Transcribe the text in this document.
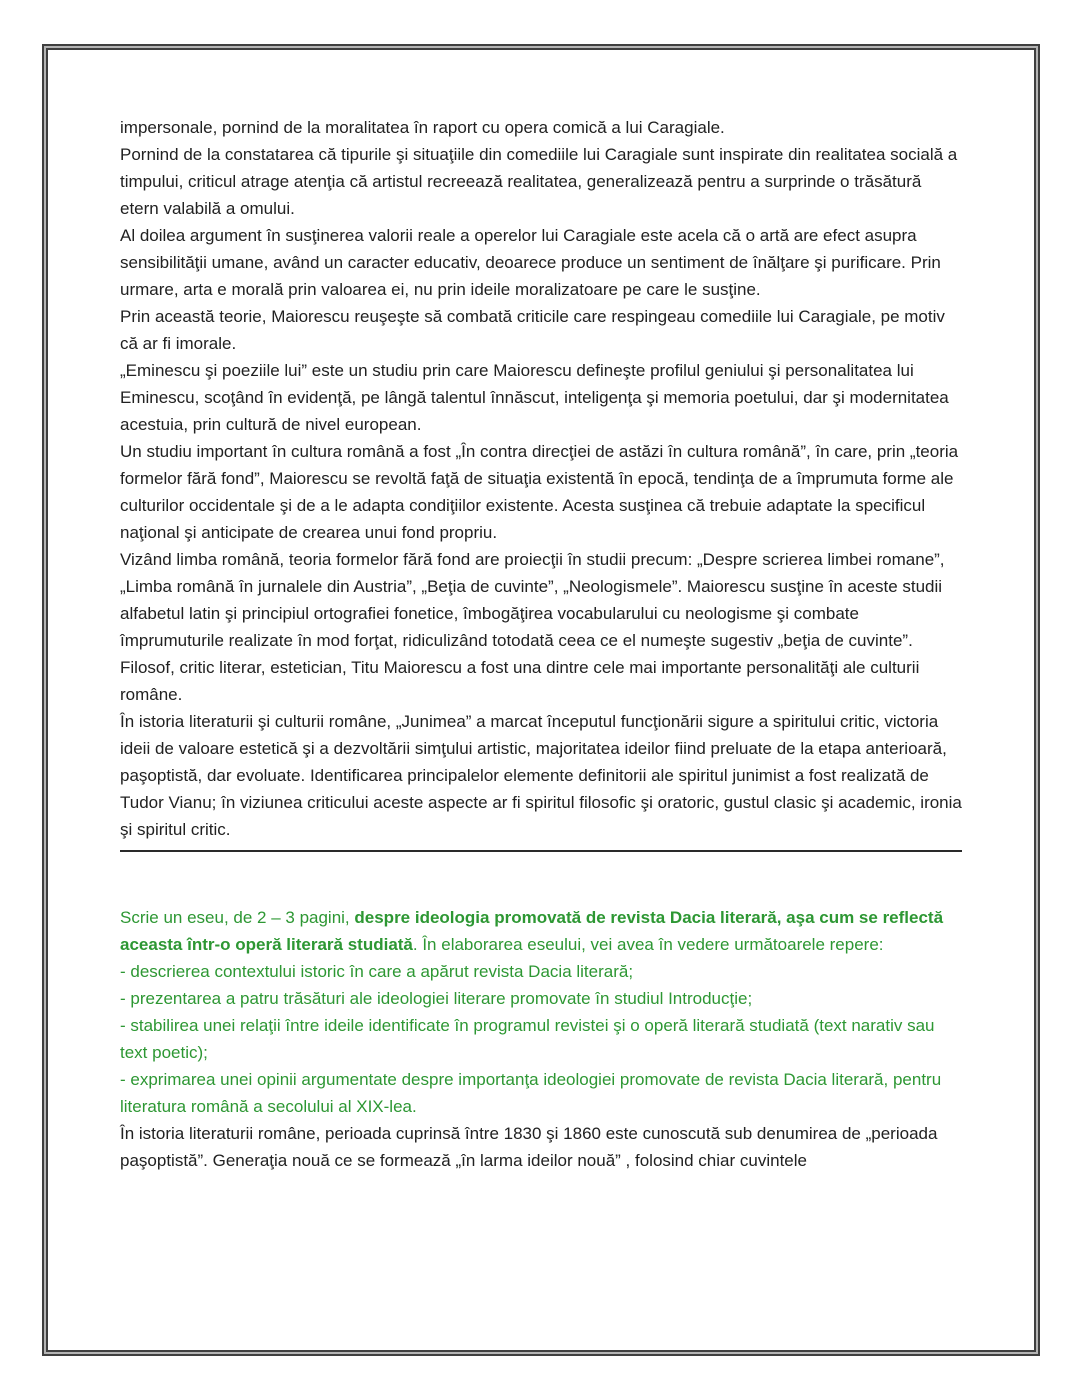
impersonale, pornind de la moralitatea în raport cu opera comică a lui Caragiale.

Pornind de la constatarea că tipurile şi situaţiile din comediile lui Caragiale sunt inspirate din realitatea socială a timpului, criticul atrage atenţia că artistul recreează realitatea, generalizează pentru a surprinde o trăsătură etern valabilă a omului.

Al doilea argument în susţinerea valorii reale a operelor lui Caragiale este acela că o artă are efect asupra sensibilităţii umane, având un caracter educativ, deoarece produce un sentiment de înălţare şi purificare. Prin urmare, arta e morală prin valoarea ei, nu prin ideile moralizatoare pe care le susţine.

Prin această teorie, Maiorescu reuşeşte să combată criticile care respingeau comediile lui Caragiale, pe motiv că ar fi imorale.

„Eminescu şi poeziile lui” este un studiu prin care Maiorescu defineşte profilul geniului şi personalitatea lui Eminescu, scoţând în evidenţă, pe lângă talentul înnăscut, inteligenţa şi memoria poetului, dar şi modernitatea acestuia, prin cultură de nivel european.

Un studiu important în cultura română a fost „În contra direcţiei de astăzi în cultura română”, în care, prin „teoria formelor fără fond”, Maiorescu se revoltă faţă de situaţia existentă în epocă, tendinţa de a împrumuta forme ale culturilor occidentale şi de a le adapta condiţiilor existente. Acesta susţinea că trebuie adaptate la specificul naţional şi anticipate de crearea unui fond propriu.

Vizând limba română, teoria formelor fără fond are proiecţii în studii precum: „Despre scrierea limbei romane”, „Limba română în jurnalele din Austria”, „Beţia de cuvinte”, „Neologismele”. Maiorescu susţine în aceste studii alfabetul latin şi principiul ortografiei fonetice, îmbogăţirea vocabularului cu neologisme şi combate împrumuturile realizate în mod forţat, ridiculizând totodată ceea ce el numeşte sugestiv „beţia de cuvinte”.

Filosof, critic literar, estetician, Titu Maiorescu a fost una dintre cele mai importante personalităţi ale culturii române.

În istoria literaturii şi culturii române, „Junimea” a marcat începutul funcţionării sigure a spiritului critic, victoria ideii de valoare estetică şi a dezvoltării simţului artistic, majoritatea ideilor fiind preluate de la etapa anterioară, paşoptistă, dar evoluate. Identificarea principalelor elemente definitorii ale spiritul junimist a fost realizată de Tudor Vianu; în viziunea criticului aceste aspecte ar fi spiritul filosofic şi oratoric, gustul clasic şi academic, ironia şi spiritul critic.

Scrie un eseu, de 2 – 3 pagini, despre ideologia promovată de revista Dacia literară, aşa cum se reflectă aceasta într-o operă literară studiată. În elaborarea eseului, vei avea în vedere următoarele repere:

- descrierea contextului istoric în care a apărut revista Dacia literară;

- prezentarea a patru trăsături ale ideologiei literare promovate în studiul Introducţie;

- stabilirea unei relaţii între ideile identificate în programul revistei şi o operă literară studiată (text narativ sau text poetic);

- exprimarea unei opinii argumentate despre importanţa ideologiei promovate de revista Dacia literară, pentru literatura română a secolului al XIX-lea.

În istoria literaturii române, perioada cuprinsă între 1830 şi 1860 este cunoscută sub denumirea de „perioada paşoptistă”. Generaţia nouă ce se formează „în larma ideilor nouă” , folosind chiar cuvintele
